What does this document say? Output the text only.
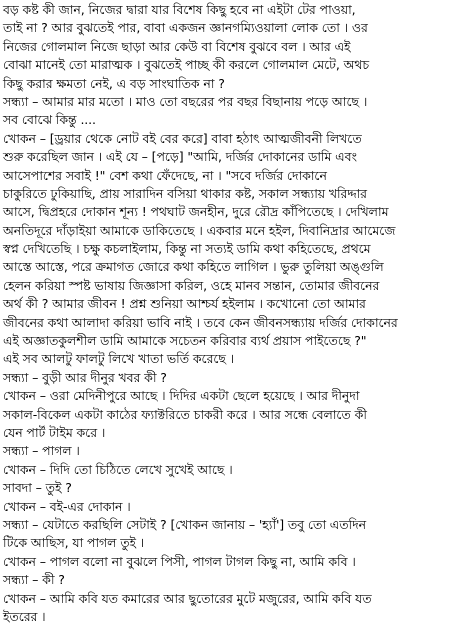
বড় কষ্ট কী জান, নিজের দ্বারা যার বিশেষ কিছু হবে না এইটা টের পাওয়া,
তাই না ? আর বুঝতেই পার, বাবা একজন জ্ঞানগম্যিওয়ালা লোক তো । ওর
নিজের গোলমাল নিজে ছাড়া আর কেউ বা বিশেষ বুঝবে বল । আর এই
বোঝা মানেই তো মারাত্মক । বুঝতেই পাচ্ছ কী করলে গোলমাল মেটে, অথচ
কিছু করার ক্ষমতা নেই, এ বড় সাংঘাতিক না ?
সন্ধ্যা – আমার মার মতো । মাও তো বছরের পর বছর বিছানায় পড়ে আছে ।
সব বোঝে কিন্তু ....
খোকন – [ড্রয়ার থেকে নোট বই বের করে] বাবা হঠাৎ আত্মজীবনী লিখতে
শুরু করেছিল জান । এই যে – [পড়ে] "আমি, দর্জির দোকানের ডামি এবং
আসেপাশের সবাই !" বেশ কথা ফেঁদেছে, না । "সবে দর্জির দোকানে
চাকুরিতে ঢুকিয়াছি, প্রায় সারাদিন বসিয়া থাকার কষ্ট, সকাল সন্ধ্যায় খরিদ্দার
আসে, দ্বিপ্রহরে দোকান শূন্য ! পথঘাট জনহীন, দুরে রৌদ্র কাঁপিতেছে । দেখিলাম
অনতিদূরে দাঁড়াইয়া আমাকে ডাকিতেছে । একবার মনে হইল, দিবানিদ্রার আমেজে
স্বপ্ন দেখিতেছি । চক্ষু কচলাইলাম, কিন্তু না সত্যই ডামি কথা কহিতেছে, প্রথমে
আস্তে আস্তে, পরে ক্রমাগত জোরে কথা কহিতে লাগিল । ভুরু তুলিয়া অঙ্গুলি
হেলন করিয়া স্পষ্ট ভাষায় জিজ্ঞাসা করিল, ওহে মানব সন্তান, তোমার জীবনের
অর্থ কী ? আমার জীবন ! প্রশ্ন শুনিয়া আশ্চর্য হইলাম । কখোনো তো আমার
জীবনের কথা আলাদা করিয়া ভাবি নাই । তবে কেন জীবনসন্ধ্যায় দর্জির দোকানের
এই অজ্ঞাতকুলশীল ডামি আমাকে সচেতন করিবার ব্যর্থ প্রয়াস পাইতেছে ?"
এই সব আলটু ফালটু লিখে খাতা ভর্তি করেছে ।
সন্ধ্যা – বুড়ী আর দীনুর খবর কী ?
খোকন – ওরা মেদিনীপুরে আছে । দিদির একটা ছেলে হয়েছে । আর দীনুদা
সকাল-বিকেল একটা কাঠের ফ্যাক্টরিতে চাকরী করে । আর সন্ধে বেলাতে কী
যেন পার্ট টাইম করে ।
সন্ধ্যা – পাগল ।
খোকন – দিদি তো চিঠিতে লেখে সুখেই আছে ।
সাবদা – তুই ?
খোকন – বই-এর দোকান ।
সন্ধ্যা – যেটাতে করছিলি সেটাই ? [খোকন জানায় – 'হ্যাঁ'] তবু তো এতদিন
টিকে আছিস, যা পাগল তুই ।
খোকন – পাগল বলো না বুঝলে পিসী, পাগল টাগল কিছু না, আমি কবি ।
সন্ধ্যা – কী ?
খোকন – আমি কবি যত কমারের আর ছুতোরের মুটে মজুরের, আমি কবি যত
ইতরের ।
